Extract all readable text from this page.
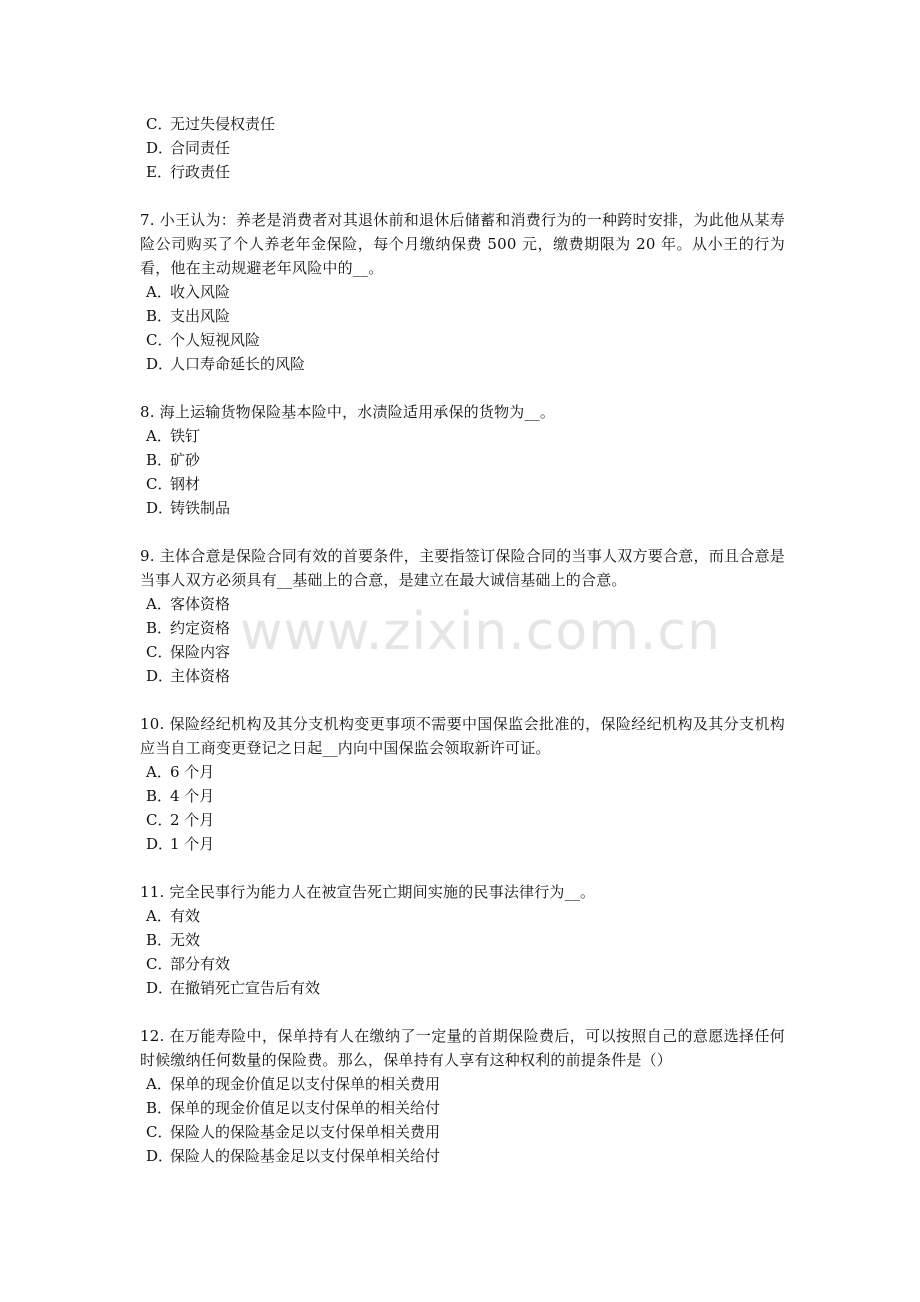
C．无过失侵权责任
D．合同责任
E．行政责任
7. 小王认为：养老是消费者对其退休前和退休后储蓄和消费行为的一种跨时安排，为此他从某寿险公司购买了个人养老年金保险，每个月缴纳保费 500 元，缴费期限为 20 年。从小王的行为看，他在主动规避老年风险中的__。
A．收入风险
B．支出风险
C．个人短视风险
D．人口寿命延长的风险
8. 海上运输货物保险基本险中，水渍险适用承保的货物为__。
A．铁钉
B．矿砂
C．钢材
D．铸铁制品
9. 主体合意是保险合同有效的首要条件，主要指签订保险合同的当事人双方要合意，而且合意是当事人双方必须具有__基础上的合意，是建立在最大诚信基础上的合意。
A．客体资格
B．约定资格
C．保险内容
D．主体资格
10. 保险经纪机构及其分支机构变更事项不需要中国保监会批准的，保险经纪机构及其分支机构应当自工商变更登记之日起__内向中国保监会领取新许可证。
A．6 个月
B．4 个月
C．2 个月
D．1 个月
11. 完全民事行为能力人在被宣告死亡期间实施的民事法律行为__。
A．有效
B．无效
C．部分有效
D．在撤销死亡宣告后有效
12. 在万能寿险中，保单持有人在缴纳了一定量的首期保险费后，可以按照自己的意愿选择任何时候缴纳任何数量的保险费。那么，保单持有人享有这种权利的前提条件是（）
A．保单的现金价值足以支付保单的相关费用
B．保单的现金价值足以支付保单的相关给付
C．保险人的保险基金足以支付保单相关费用
D．保险人的保险基金足以支付保单相关给付
www.zixin.com.cn
